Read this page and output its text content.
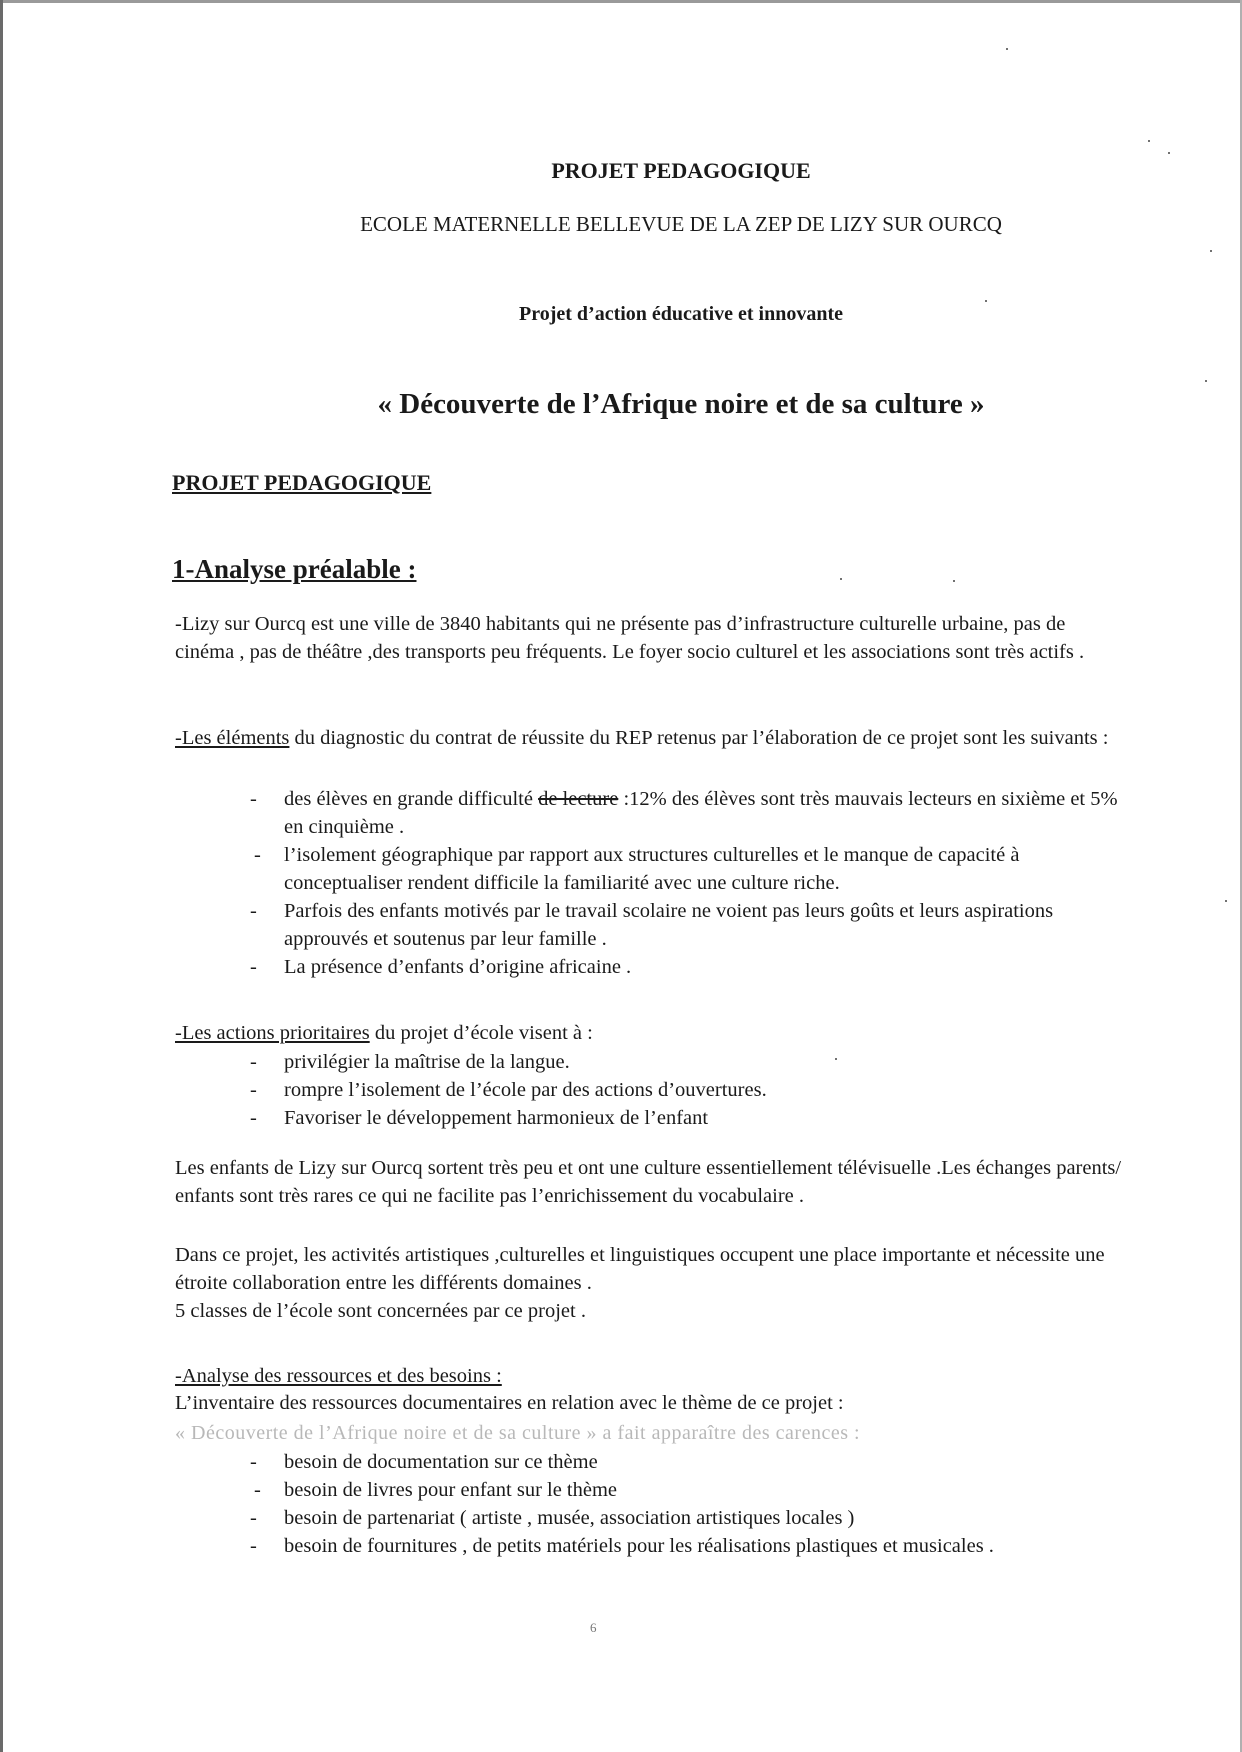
PROJET PEDAGOGIQUE
ECOLE MATERNELLE BELLEVUE DE LA ZEP DE LIZY SUR OURCQ
Projet d’action éducative et innovante
« Découverte de l’Afrique noire et de sa culture »
PROJET PEDAGOGIQUE
1-Analyse préalable :
-Lizy sur Ourcq est une ville de 3840 habitants qui ne présente pas d’infrastructure culturelle urbaine, pas de cinéma , pas de théâtre ,des transports peu fréquents. Le foyer socio culturel et les associations sont très actifs .
-Les éléments du diagnostic du contrat de réussite du REP retenus par l’élaboration de ce projet sont les suivants :
- des élèves en grande difficulté de lecture :12% des élèves sont très mauvais lecteurs en sixième et 5% en cinquième .
- l’isolement géographique par rapport aux structures culturelles et le manque de capacité à conceptualiser rendent difficile la familiarité avec une culture riche.
- Parfois des enfants motivés par le travail scolaire ne voient pas leurs goûts et leurs aspirations approuvés et soutenus par leur famille .
- La présence d’enfants d’origine africaine .
-Les actions prioritaires du projet d’école visent à :
- privilégier la maîtrise de la langue.
- rompre l’isolement de l’école par des actions d’ouvertures.
- Favoriser le développement harmonieux de l’enfant
Les enfants de Lizy sur Ourcq sortent très peu et ont une culture essentiellement télévisuelle .Les échanges parents/ enfants sont très rares ce qui ne facilite pas l’enrichissement du vocabulaire .
Dans ce projet, les activités artistiques ,culturelles et linguistiques occupent une place importante et nécessite une étroite collaboration entre les différents domaines .
5 classes de l’école sont concernées par ce projet .
-Analyse des ressources et des besoins :
L’inventaire des ressources documentaires en relation avec le thème de ce projet :
« Découverte de l’Afrique noire et de sa culture » a fait apparaître des carences :
- besoin de documentation sur ce thème
- besoin de livres pour enfant sur le thème
- besoin de partenariat ( artiste , musée, association artistiques locales )
- besoin de fournitures , de petits matériels pour les réalisations plastiques et musicales .
6
